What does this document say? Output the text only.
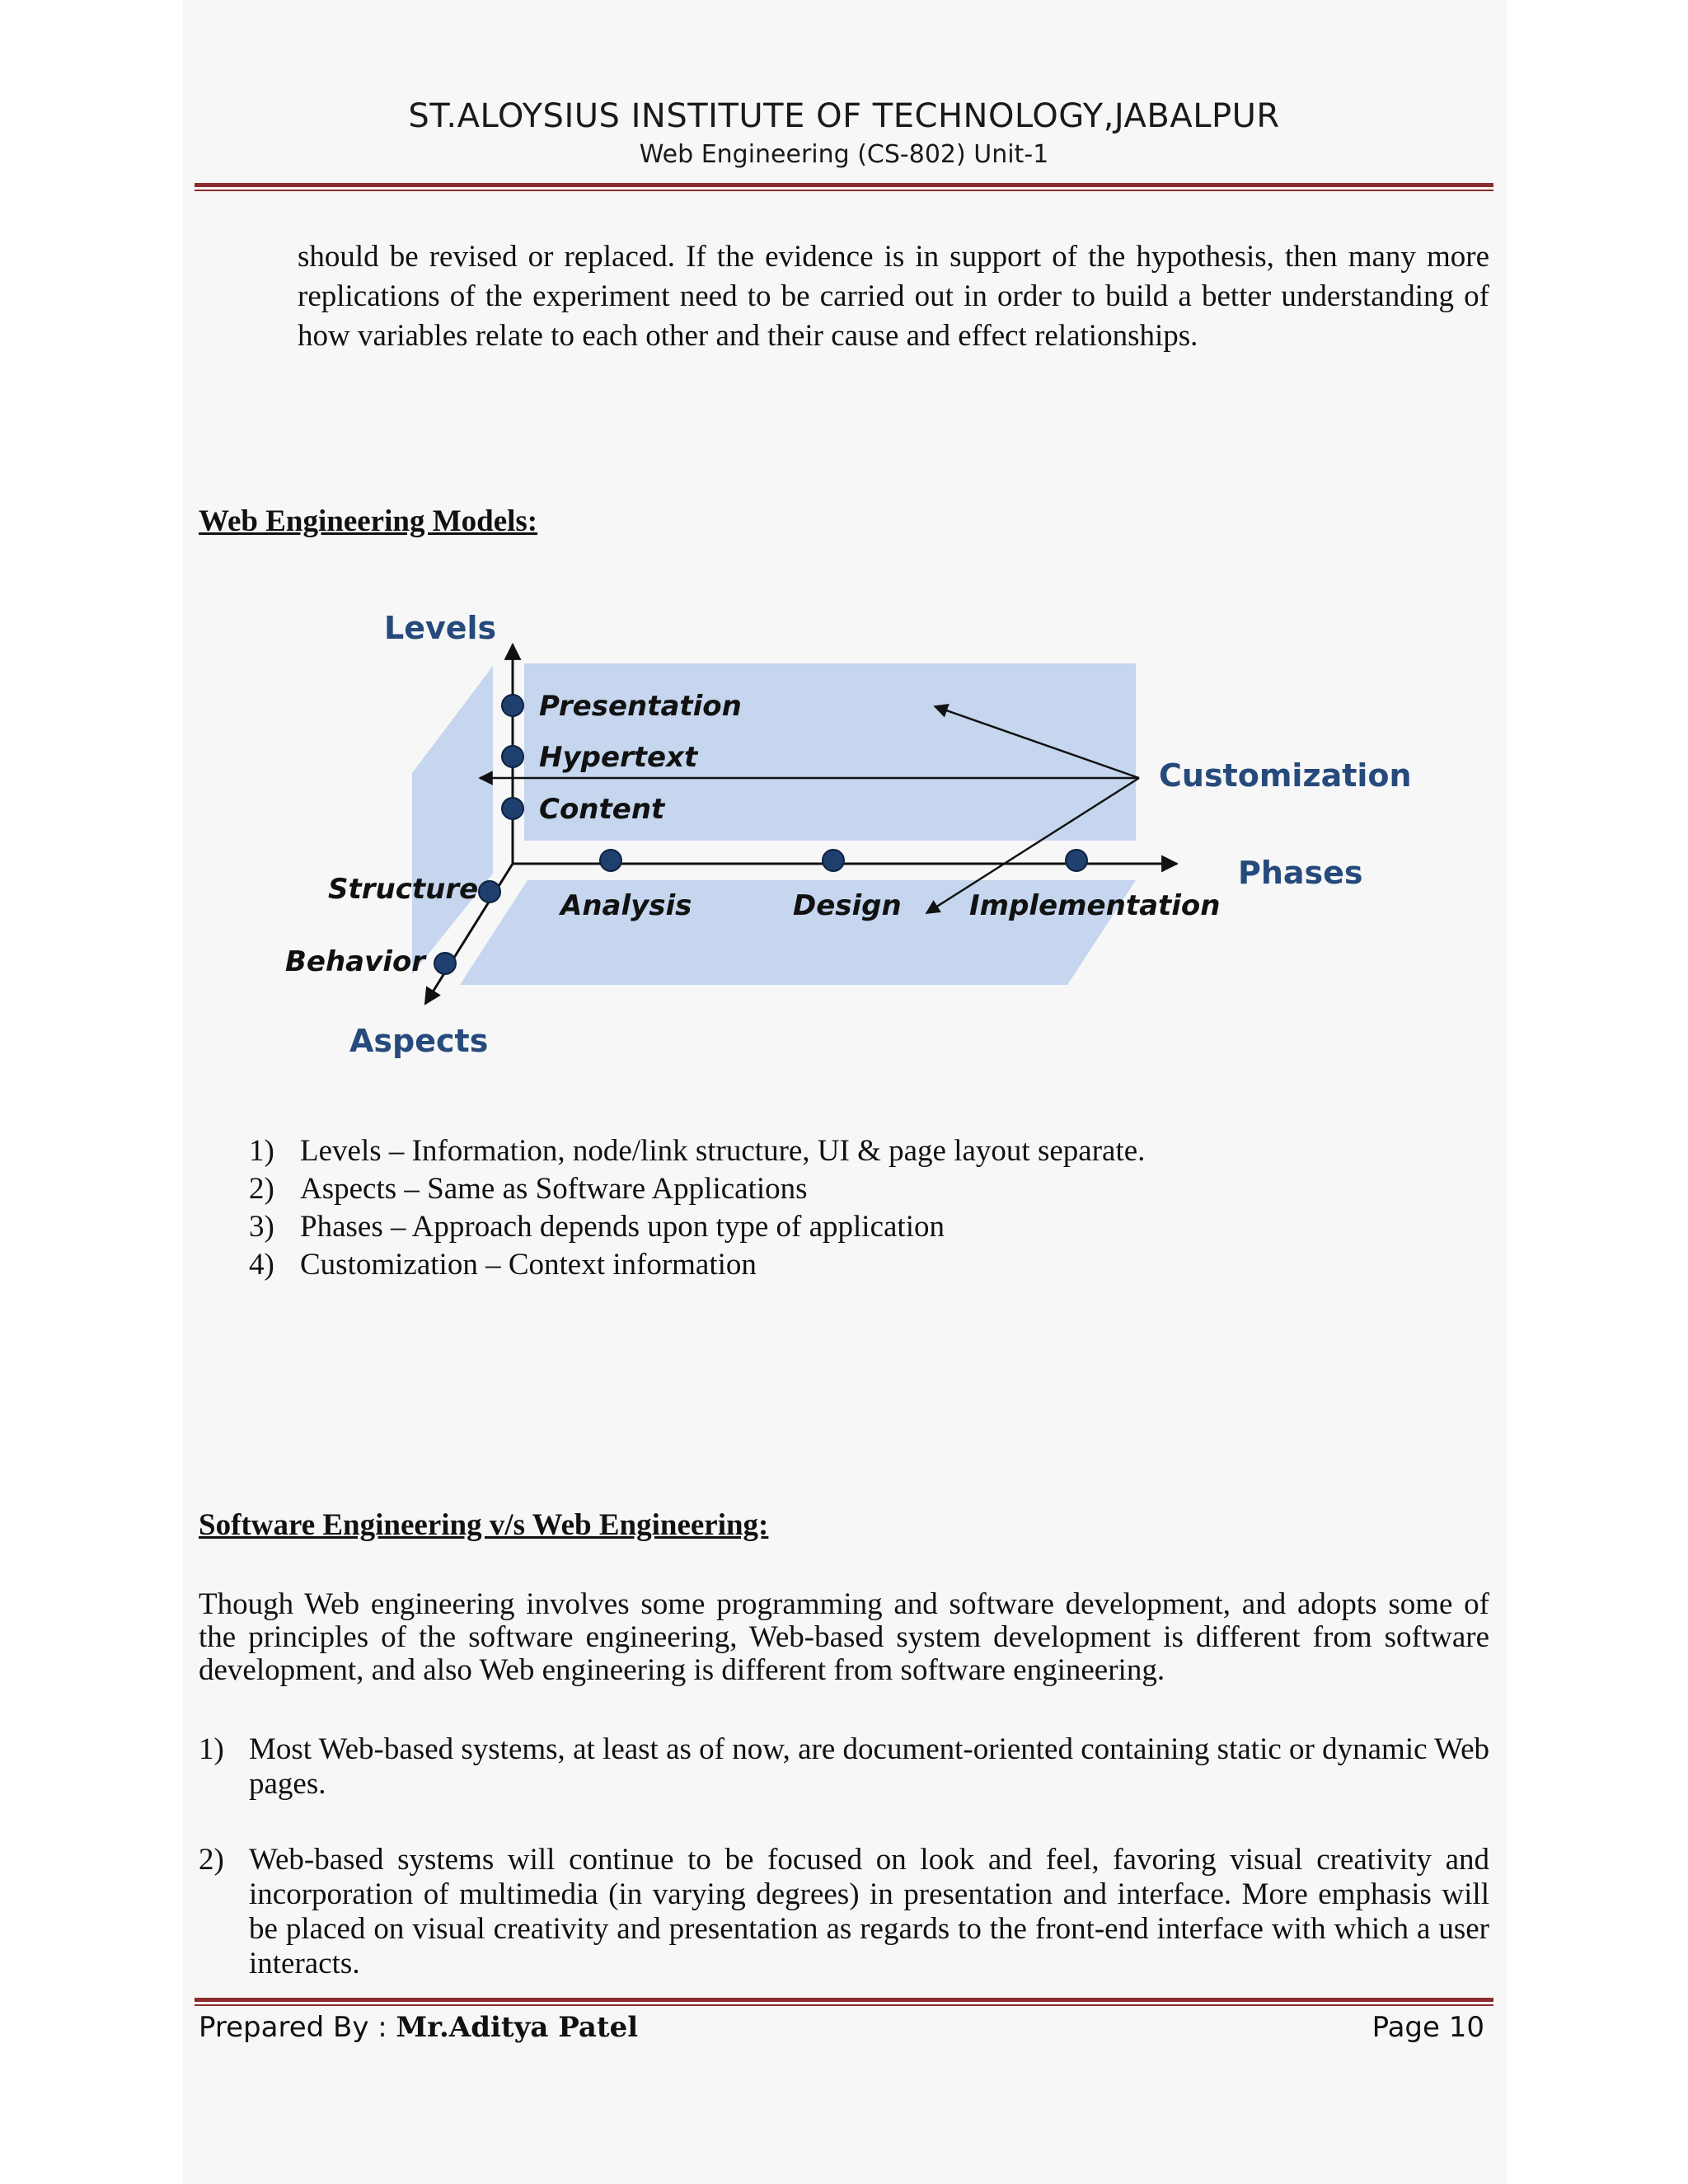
ST.ALOYSIUS INSTITUTE OF TECHNOLOGY,JABALPUR
Web Engineering (CS-802) Unit-1
should be revised or replaced. If the evidence is in support of the hypothesis, then many more replications of the experiment need to be carried out in order to build a better understanding of how variables relate to each other and their cause and effect relationships.
Web Engineering Models:
Levels
Aspects
Phases
Customization
Presentation
Hypertext
Content
Analysis	Design Implementation
Structure
Behavior
1) Levels – Information, node/link structure, UI & page layout separate.
2) Aspects – Same as Software Applications
3) Phases – Approach depends upon type of application
4) Customization – Context information
Software Engineering v/s Web Engineering:
Though Web engineering involves some programming and software development, and adopts some of the principles of the software engineering, Web-based system development is different from software development, and also Web engineering is different from software engineering.
1) Most Web-based systems, at least as of now, are document-oriented containing static or dynamic Web pages.
2) Web-based systems will continue to be focused on look and feel, favoring visual creativity and incorporation of multimedia (in varying degrees) in presentation and interface. More emphasis will be placed on visual creativity and presentation as regards to the front-end interface with which a user interacts.
Prepared By : Mr.Aditya Patel	Page 10
